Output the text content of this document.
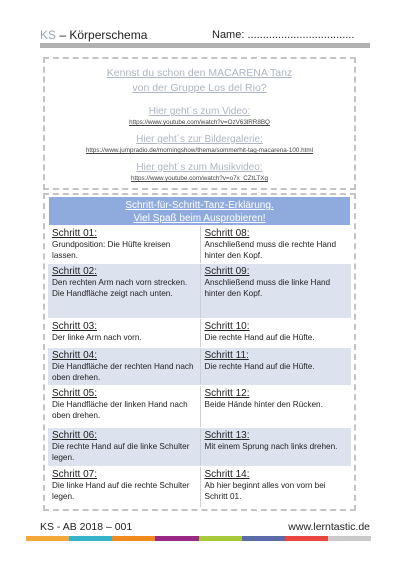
KS – Körperschema	Name: ...................................
Kennst du schon den MACARENA Tanz
von der Gruppe Los del Rio?
Hier geht´s zum Video:
https://www.youtube.com/watch?v=OzV63lRR8BQ
Hier geht´s zur Bildergalerie:
https://www.jumpradio.de/morningshow/thema/sommerhit-tag-macarena-100.html
Hier geht´s zum Musikvideo:
https://www.youtube.com/watch?v=o7x_CZtLTXg
Schritt-für-Schritt-Tanz-Erklärung.
Viel Spaß beim Ausprobieren!
Schritt 01:
Grundposition: Die Hüfte kreisen lassen.
Schritt 08:
Anschließend muss die rechte Hand hinter den Kopf.
Schritt 02:
Den rechten Arm nach vorn strecken. Die Handfläche zeigt nach unten.
Schritt 09:
Anschließend muss die linke Hand hinter den Kopf.
Schritt 03:
Der linke Arm nach vorn.
Schritt 10:
Die rechte Hand auf die Hüfte.
Schritt 04:
Die Handfläche der rechten Hand nach oben drehen.
Schritt 11:
Die rechte Hand auf die Hüfte.
Schritt 05:
Die Handfläche der linken Hand nach oben drehen.
Schritt 12:
Beide Hände hinter den Rücken.
Schritt 06:
Die rechte Hand auf die linke Schulter legen.
Schritt 13:
Mit einem Sprung nach links drehen.
Schritt 07:
Die linke Hand auf die rechte Schulter legen.
Schritt 14:
Ab hier beginnt alles von vorn bei Schritt 01.
KS - AB 2018 – 001	www.lerntastic.de
